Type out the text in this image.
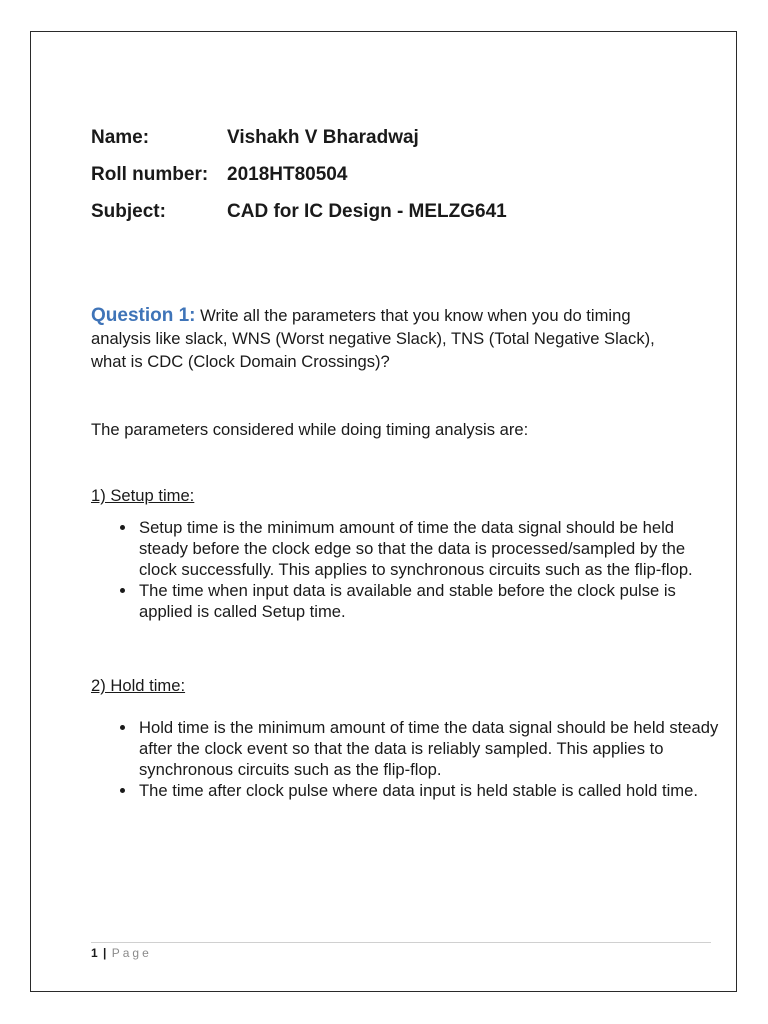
Name:	Vishakh V Bharadwaj
Roll number: 2018HT80504
Subject:	CAD for IC Design - MELZG641
Question 1: Write all the parameters that you know when you do timing analysis like slack, WNS (Worst negative Slack), TNS (Total Negative Slack), what is CDC (Clock Domain Crossings)?
The parameters considered while doing timing analysis are:
1) Setup time:
• Setup time is the minimum amount of time the data signal should be held steady before the clock edge so that the data is processed/sampled by the clock successfully. This applies to synchronous circuits such as the flip-flop.
• The time when input data is available and stable before the clock pulse is applied is called Setup time.
2) Hold time:
• Hold time is the minimum amount of time the data signal should be held steady after the clock event so that the data is reliably sampled. This applies to synchronous circuits such as the flip-flop.
• The time after clock pulse where data input is held stable is called hold time.
1 | Page
